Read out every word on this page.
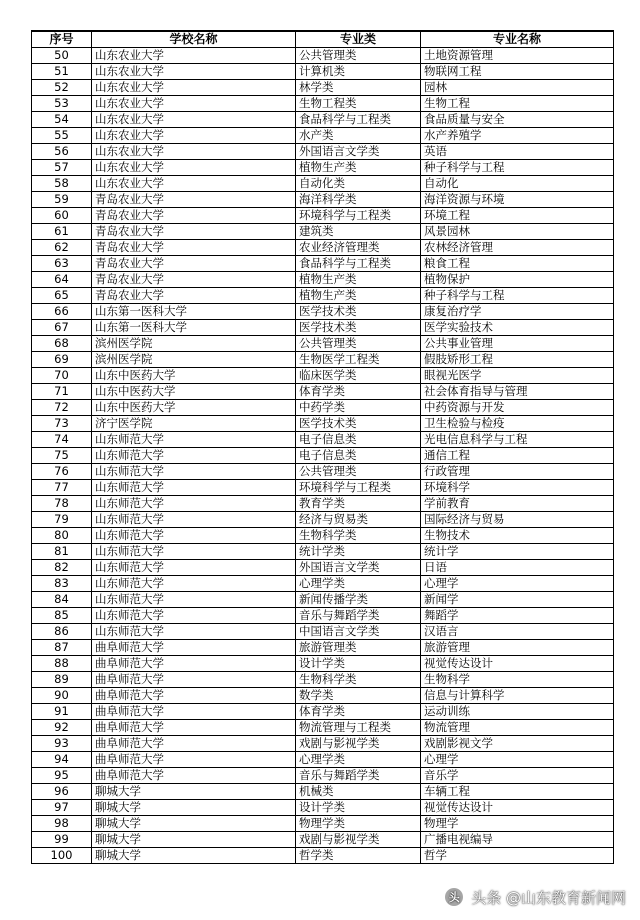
序号	学校名称	专业类	专业名称
50	山东农业大学	公共管理类	土地资源管理
51	山东农业大学	计算机类	物联网工程
52	山东农业大学	林学类	园林
53	山东农业大学	生物工程类	生物工程
54	山东农业大学	食品科学与工程类	食品质量与安全
55	山东农业大学	水产类	水产养殖学
56	山东农业大学	外国语言文学类	英语
57	山东农业大学	植物生产类	种子科学与工程
58	山东农业大学	自动化类	自动化
59	青岛农业大学	海洋科学类	海洋资源与环境
60	青岛农业大学	环境科学与工程类	环境工程
61	青岛农业大学	建筑类	风景园林
62	青岛农业大学	农业经济管理类	农林经济管理
63	青岛农业大学	食品科学与工程类	粮食工程
64	青岛农业大学	植物生产类	植物保护
65	青岛农业大学	植物生产类	种子科学与工程
66	山东第一医科大学	医学技术类	康复治疗学
67	山东第一医科大学	医学技术类	医学实验技术
68	滨州医学院	公共管理类	公共事业管理
69	滨州医学院	生物医学工程类	假肢矫形工程
70	山东中医药大学	临床医学类	眼视光医学
71	山东中医药大学	体育学类	社会体育指导与管理
72	山东中医药大学	中药学类	中药资源与开发
73	济宁医学院	医学技术类	卫生检验与检疫
74	山东师范大学	电子信息类	光电信息科学与工程
75	山东师范大学	电子信息类	通信工程
76	山东师范大学	公共管理类	行政管理
77	山东师范大学	环境科学与工程类	环境科学
78	山东师范大学	教育学类	学前教育
79	山东师范大学	经济与贸易类	国际经济与贸易
80	山东师范大学	生物科学类	生物技术
81	山东师范大学	统计学类	统计学
82	山东师范大学	外国语言文学类	日语
83	山东师范大学	心理学类	心理学
84	山东师范大学	新闻传播学类	新闻学
85	山东师范大学	音乐与舞蹈学类	舞蹈学
86	山东师范大学	中国语言文学类	汉语言
87	曲阜师范大学	旅游管理类	旅游管理
88	曲阜师范大学	设计学类	视觉传达设计
89	曲阜师范大学	生物科学类	生物科学
90	曲阜师范大学	数学类	信息与计算科学
91	曲阜师范大学	体育学类	运动训练
92	曲阜师范大学	物流管理与工程类	物流管理
93	曲阜师范大学	戏剧与影视学类	戏剧影视文学
94	曲阜师范大学	心理学类	心理学
95	曲阜师范大学	音乐与舞蹈学类	音乐学
96	聊城大学	机械类	车辆工程
97	聊城大学	设计学类	视觉传达设计
98	聊城大学	物理学类	物理学
99	聊城大学	戏剧与影视学类	广播电视编导
100	聊城大学	哲学类	哲学
头 头条 @山东教育新闻网
